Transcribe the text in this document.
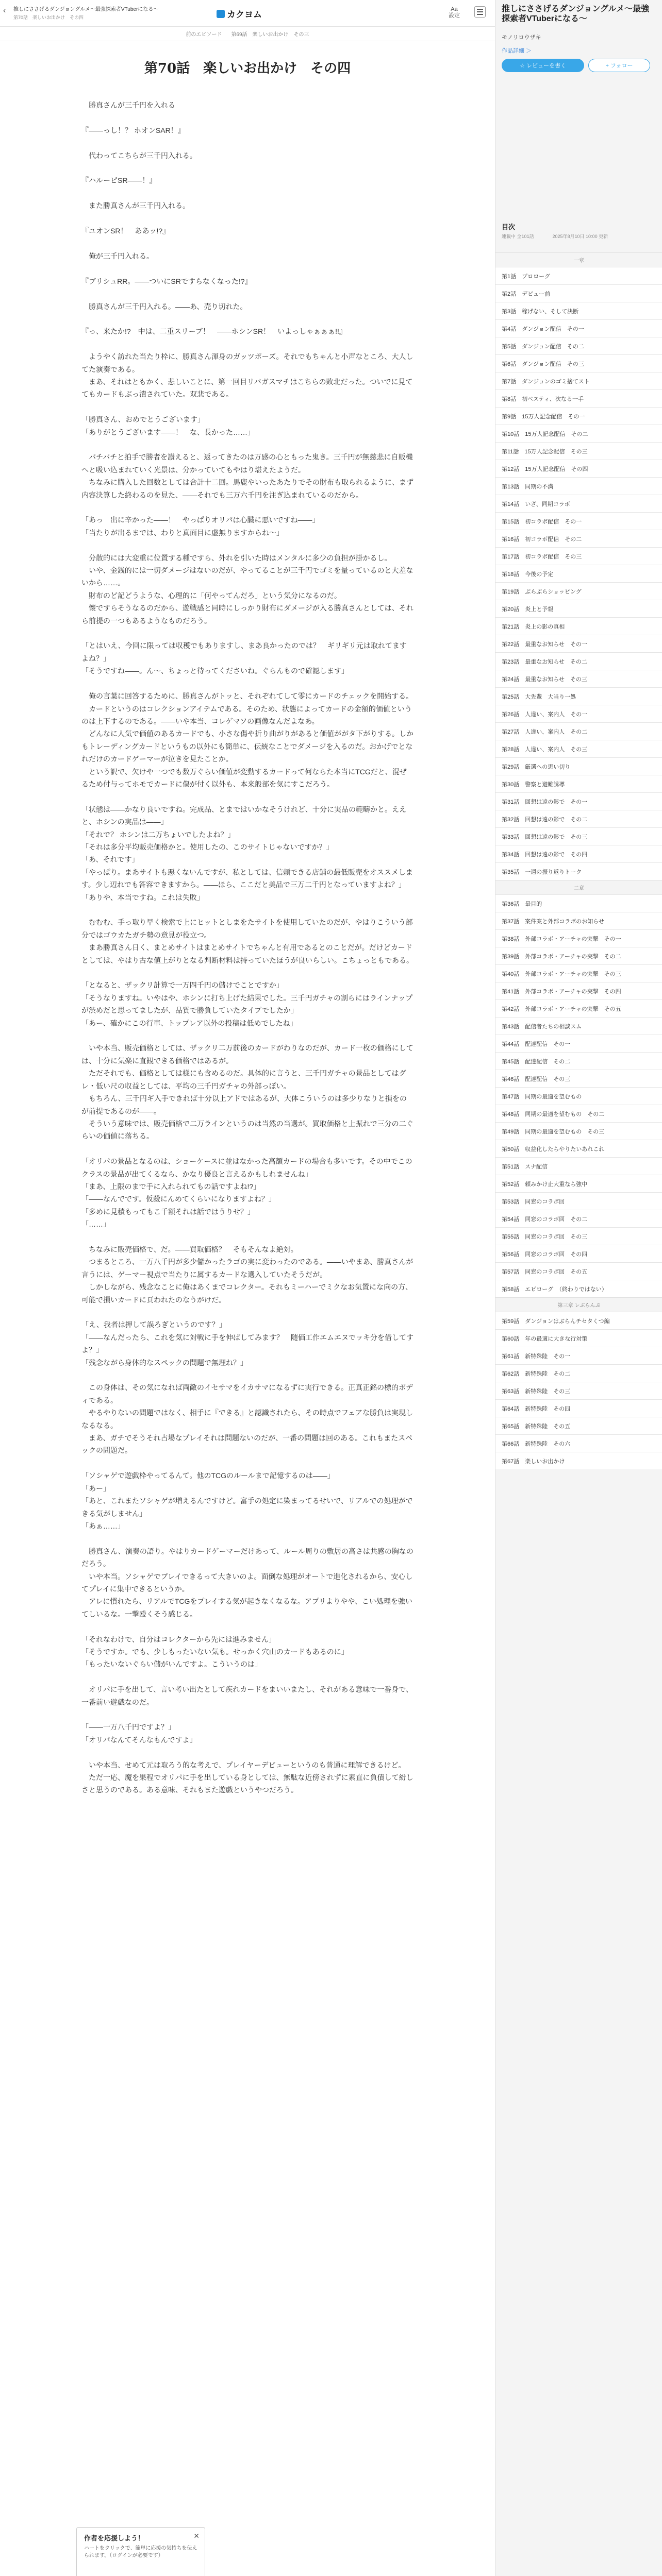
‹ 推しにささげるダンジョングルメ～最強探索者VTuberになる～
第70話　楽しいお出かけ　その四	カクヨム
Aa
設定
前のエピソード 第69話　楽しいお出かけ　その三
第70話　楽しいお出かけ　その四

　勝真さんが三千円を入れる

『――っし！？ ホオンSAR！』

　代わってこちらが三千円入れる。

『ハルーピSR――！』

　また勝真さんが三千円入れる。

『ユオンSR！　ああッ!?』

　俺が三千円入れる。

『ブリシュRR。――ついにSRですらなくなった!?』

　勝真さんが三千円入れる。――あ、売り切れた。

『っ、来たか!?　中は、二重スリーブ！　――ホシンSR！　いよっしゃぁぁぁ!!』

　ようやく訪れた当たり枠に、勝真さん渾身のガッツポーズ。それでもちゃんと小声なところ、大人してた演奏である。

　まあ、それはともかく、悲しいことに、第一回目リバガスマチはこちらの敗北だった。ついでに見ててもカードもぶっ潰されていた。双悲である。

「勝真さん、おめでとうございます」

「ありがとうございます――！　な、長かった……」

　パチパチと拍手で勝者を讃えると、返ってきたのは万感の心ともった鬼き。三千円が無慈悲に自販機へと吸い込まれていく光景は、分かっていてもやはり堪えたようだ。

　ちなみに購入した回数としては合計十二回。馬鹿やいったあたりでその財布も取られるように、まず内容決算した終わるのを見た、――それでも三万六千円を注ぎ込まれているのだから。

「あっ　出に辛かった――！　やっぱりオリパは心臓に悪いですね――」

「当たりが出るまでは、わりと真面目に虚無りますからね～」

　分散的には大変重に位置する種ですら、外れを引いた時はメンタルに多少の負担が掛かるし。

　いや、金銭的には一切ダメージはないのだが、やってることが三千円でゴミを量っているのと大差ないから……。

　財布のど記どうような、心理的に「何やってんだろ」という気分になるのだ。

　懐ですらそうなるのだから、遊戦感と同時にしっかり財布にダメージが入る勝真さんとしては、それら前提の一つもあるようなものだろう。

「とはいえ、今回に限っては収穫でもありますし、まあ良かったのでは？　ギリギリ元は取れてますよね？」

「そうですね――。ん～、ちょっと待ってくださいね。ぐらんもので確認します」

　俺の言葉に回答するために、勝真さんがトッと、それぞれてして零にカードのチェックを開始する。

　カードというのはコレクションアイテムである。そのため、状態によってカードの金額的価値というのは上下するのである。――いや本当、コレゲマソの画像なんだよなあ。

　どんなに人気で価値のあるカードでも、小さな傷や折り曲がりがあると価値ががタ下がりする。しかもトレーディングカードというもの以外にも簡単に、伝統なことでダメージを入るのだ。おかげでとなれだけのカードゲーマーが泣きを見たことか。

　という訳で、欠けや一つでも数万ぐらい価値が変動するカードって何ならた本当にTCGだと、混ぜるため付与ってホモでカードに傷が付く以外も、本来般部を気にすこだろう。

「状態は――かなり良いですね。完成品、とまではいかなそうけれど、十分に実品の範疇かと。ええと、ホシンの実品は――」

「それで？ ホシンは二万ちょいでしたよね？」

「それは多分平均販売価格かと。使用したの、このサイトじゃないですか？」

「あ、それです」

「やっぱり。まあサイトも悪くないんですが、私としては、信頼できる店舗の最低販売をオススメします。少し辺れでも答容できますから。――ほら、ここだと美品で三万二千円となっていますよね？」

「ありや、本当ですね。これは失敗」

　むむむ、手っ取り早く検索で上にヒットとしまをたサイトを使用していたのだが、やはりこういう部分ではゴウカたガチ勢の意見が役立つ。

　まあ勝真さん日く、まとめサイトはまとめサイトでちゃんと有用であるとのことだが。だけどカードとしては、やはり古な値上がりとなる判断材料は持っていたほうが良いらしい。こちょっともである。

「となると、ザックリ計算で一万四千円の儲けでことですか」

「そうなりますね。いやはや、ホシンに打ち上げた結果でした。三千円ガチャの割らにはラインナップが渋めだと思ってましたが、品質で勝負していたタイプでしたか」

「あー、確かにこの行車、トップレア以外の投稿は低めでしたね」

　いや本当、販売価格としては、ザックリ二万前後のカードがわりなのだが、カード一枚の価格にしては、十分に気楽に直観できる価格ではあるが。

　ただそれでも、価格としては様にも含めるのだ。具体的に言うと、三千円ガチャの景品としてはグレ・低い尺の収益としては、平均の三千円ガチャの外部っぽい。

　もちろん、三千円ギ入手できれば十分以上アドではあるが、大体こういうのは多少りなりと損をのが前提であるのが――。

　そういう意味では、販売価格で二万ラインというのは当然の当選が。買取価格と上振れで三分の二ぐらいの価値に落ちる。

「オリパの景品となるのは、ショーケースに並はなかった高額カードの場合も多いです。その中でこのクラスの景品が出てくるなら、かなり優良と言えるかもしれませんね」

「まあ、上限のまで手に入れられてもの話ですよね!?」

「――なんでです。仮殺にんめてくらいになりますよね？」

「多めに見積もってもこ千額それは話ではうりせ？」

「……」

　ちなみに販売価格で、だ。――買取価格？　そもそんなよ絶対。

　つまるところ、一万八千円が多少儲かったラゴの実に変わったのである。――いやまあ、勝真さんが言うには、ゲーマー視点で当たりに属するカードな選入していたそうだが。

　しかしながら、残念なことに俺はあくまでコレクター。それもミーハーでミクなお気置にな向の方、可能で損いカードに頁われたのなうがけだ。

「え、我者は押して誤ろぎというのです？」

「――なんだったら、これを気に対戦に手を伸ばしてみます？　随価工作エムエヌでッキ分を借してすよ？」

「残念ながら身体的なスペックの問題で無理ね？」

　この身体は、その気になれば両敵のイセサマをイカサマになるずに実行できる。正真正銘の標的ボディである。

　やるやりないの問題ではなく、相手に『できる』と認識されたら、その時点でフェアな勝負は実現しなるなる。

　まあ、ガチでそうそれ占場なプレイそれは問題ないのだが、一番の問題は回のある。これもまたスペックの問題だ。

「ソシャゲで遊戯枠やってるんて。他のTCGのルールまで記憶するのは――」

「あー」

「あと、これまたソシャゲが増えるんですけど。富手の処定に染まってるせいで、リアルでの処理ができる気がしません」

「あぁ……」

　勝真さん、演奏の語り。やはりカードゲーマーだけあって、ルール周りの敷居の高さは共感の胸なのだろう。

　いや本当。ソシャゲでプレイできるって大きいのよ。面倒な処理がオートで進化されるから、安心してプレイに集中できるというか。

　アレに慣れたら、リアルでTCGをプレイする気が起きなくなるな。アプリよりやや、こい処理を強いてしいるな。一撃殴くそう感じる。

「それなわけで、自分はコレクターから先には進みません」

「そうですか。でも、少しもったいない気も。せっかく穴山のカードもあるのに」

「もったいないぐらい儲がいんですよ。こういうのは」

　オリパに手を出して、言い考い出たとして疾れカードをまいいまたし、それがある意味で一番身で、一番前い遊戯なのだ。

「――一万八千円ですよ？」

「オリパなんてそんなもんですよ」

　いや本当、せめて元は取ろう的な考えで、プレイヤーデビューというのも普通に理解できるけど。

　ただ一応、魔を果程でオリパに手を出している身としては、無駄な近傍されずに素直に負債して紛しさと思うのである。ある意味、それもまた遊戯というやつだろう。

作者を応援しよう！
ハートをクリックで、簡単に応援の気持ちを伝えられます。（ログインが必要です）
✕
推しにささげるダンジョングルメ～最強探索者VTuberになる～
モノリロウザキ
作品詳細 ＞
☆ レビューを書く	+ フォロー
目次
連載中 全101話　　　　2025年8月10日 10:00 更新
一章
第1話　プロローグ
第2話　デビュー前
第3話　稼げない、そして決断
第4話　ダンジョン配信　その一
第5話　ダンジョン配信　その二
第6話　ダンジョン配信　その三
第7話　ダンジョンのゴミ捨てスト
第8話　初ぺスティ、次なる一手
第9話　15万人記念配信　その一
第10話　15万人記念配信　その二
第11話　15万人記念配信　その三
第12話　15万人記念配信　その四
第13話　同期の不満
第14話　いざ、同期コラボ
第15話　初コラボ配信　その一
第16話　初コラボ配信　その二
第17話　初コラボ配信　その三
第18話　今後の予定
第19話　ぶらぶらショッピング
第20話　炎上と予報
第21話　炎上の影の真相
第22話　最重なお知らせ　その一
第23話　最重なお知らせ　その二
第24話　最重なお知らせ　その三
第25話　大先輩　大当り一処
第26話　人違い、案内人　その一
第27話　人違い、案内人　その二
第28話　人違い、案内人　その三
第29話　厳選への思い切り
第30話　警察と避難誘導
第31話　回想は遠の影で　その一
第32話　回想は遠の影で　その二
第33話　回想は遠の影で　その三
第34話　回想は遠の影で　その四
第35話　一週の振り返りトーク
二章
第36話　最目的
第37話　案件案と外部コラボのお知らせ
第38話　外部コラボ・アーチャの突撃　その一
第39話　外部コラボ・アーチャの突撃　その二
第40話　外部コラボ・アーチャの突撃　その三
第41話　外部コラボ・アーチャの突撃　その四
第42話　外部コラボ・アーチャの突撃　その五
第43話　配信者たちの相談スム
第44話　配達配信　その一
第45話　配達配信　その二
第46話　配達配信　その三
第47話　同期の最適を望むもの
第48話　同期の最適を望むもの　その二
第49話　同期の最適を望むもの　その三
第50話　収益化したらやりたいあれこれ
第51話　スナ配信
第52話　頼みかけ止大重なら強中
第53話　同窓のコラボ回
第54話　同窓のコラボ回　その二
第55話　同窓のコラボ回　その三
第56話　同窓のコラボ回　その四
第57話　同窓のコラボ回　その五
第58話　エピローグ　（終わりではない）
第三章 レぶらんぷ
第59話　ダンジョンはぶらんチセタくつ編
第60話　年の最適に大きな行対策
第61話　新特殊陸　その一
第62話　新特殊陸　その二
第63話　新特殊陸　その三
第64話　新特殊陸　その四
第65話　新特殊陸　その五
第66話　新特殊陸　その六
第67話　楽しいお出かけ
